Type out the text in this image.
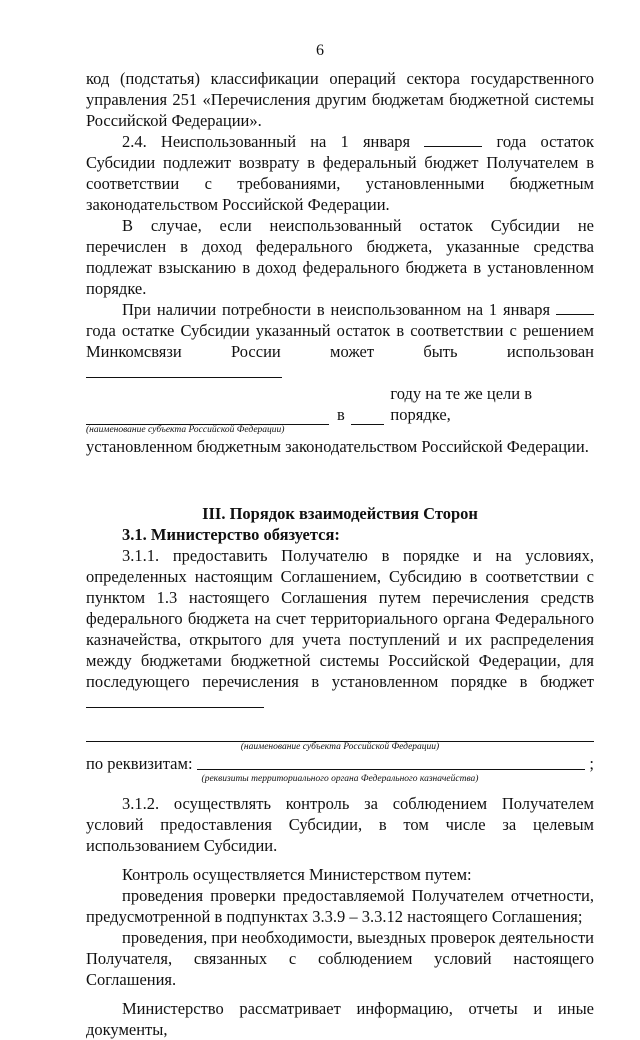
6

код (подстатья) классификации операций сектора государственного управления 251 «Перечисления другим бюджетам бюджетной системы Российской Федерации».

2.4. Неиспользованный на 1 января	года остаток Субсидии подлежит возврату в федеральный бюджет Получателем в соответствии с требованиями, установленными бюджетным законодательством Российской Федерации.

В случае, если неиспользованный остаток Субсидии не перечислен в доход федерального бюджета, указанные средства подлежат взысканию в доход федерального бюджета в установленном порядке.

При наличии потребности в неиспользованном на 1 января  года остатке Субсидии указанный остаток в соответствии с решением Минкомсвязи России может быть использован

в
году на те же цели в порядке,
(наименование субъекта Российской Федерации)

установленном бюджетным законодательством Российской Федерации.

III. Порядок взаимодействия Сторон

3.1. Министерство обязуется:

3.1.1. предоставить Получателю в порядке и на условиях, определенных настоящим Соглашением, Субсидию в соответствии с пунктом 1.3 настоящего Соглашения путем перечисления средств федерального бюджета на счет территориального органа Федерального казначейства, открытого для учета поступлений и их распределения между бюджетами бюджетной системы Российской Федерации, для последующего перечисления в установленном порядке в бюджет

(наименование субъекта Российской Федерации)
по реквизитам:	;
(реквизиты территориального органа Федерального казначейства)

3.1.2. осуществлять контроль за соблюдением Получателем условий предоставления Субсидии, в том числе за целевым использованием Субсидии.

Контроль осуществляется Министерством путем:

проведения проверки предоставляемой Получателем отчетности, предусмотренной в подпунктах 3.3.9 – 3.3.12 настоящего Соглашения;

проведения, при необходимости, выездных проверок деятельности Получателя, связанных с соблюдением условий настоящего Соглашения.

Министерство рассматривает информацию, отчеты и иные документы,
